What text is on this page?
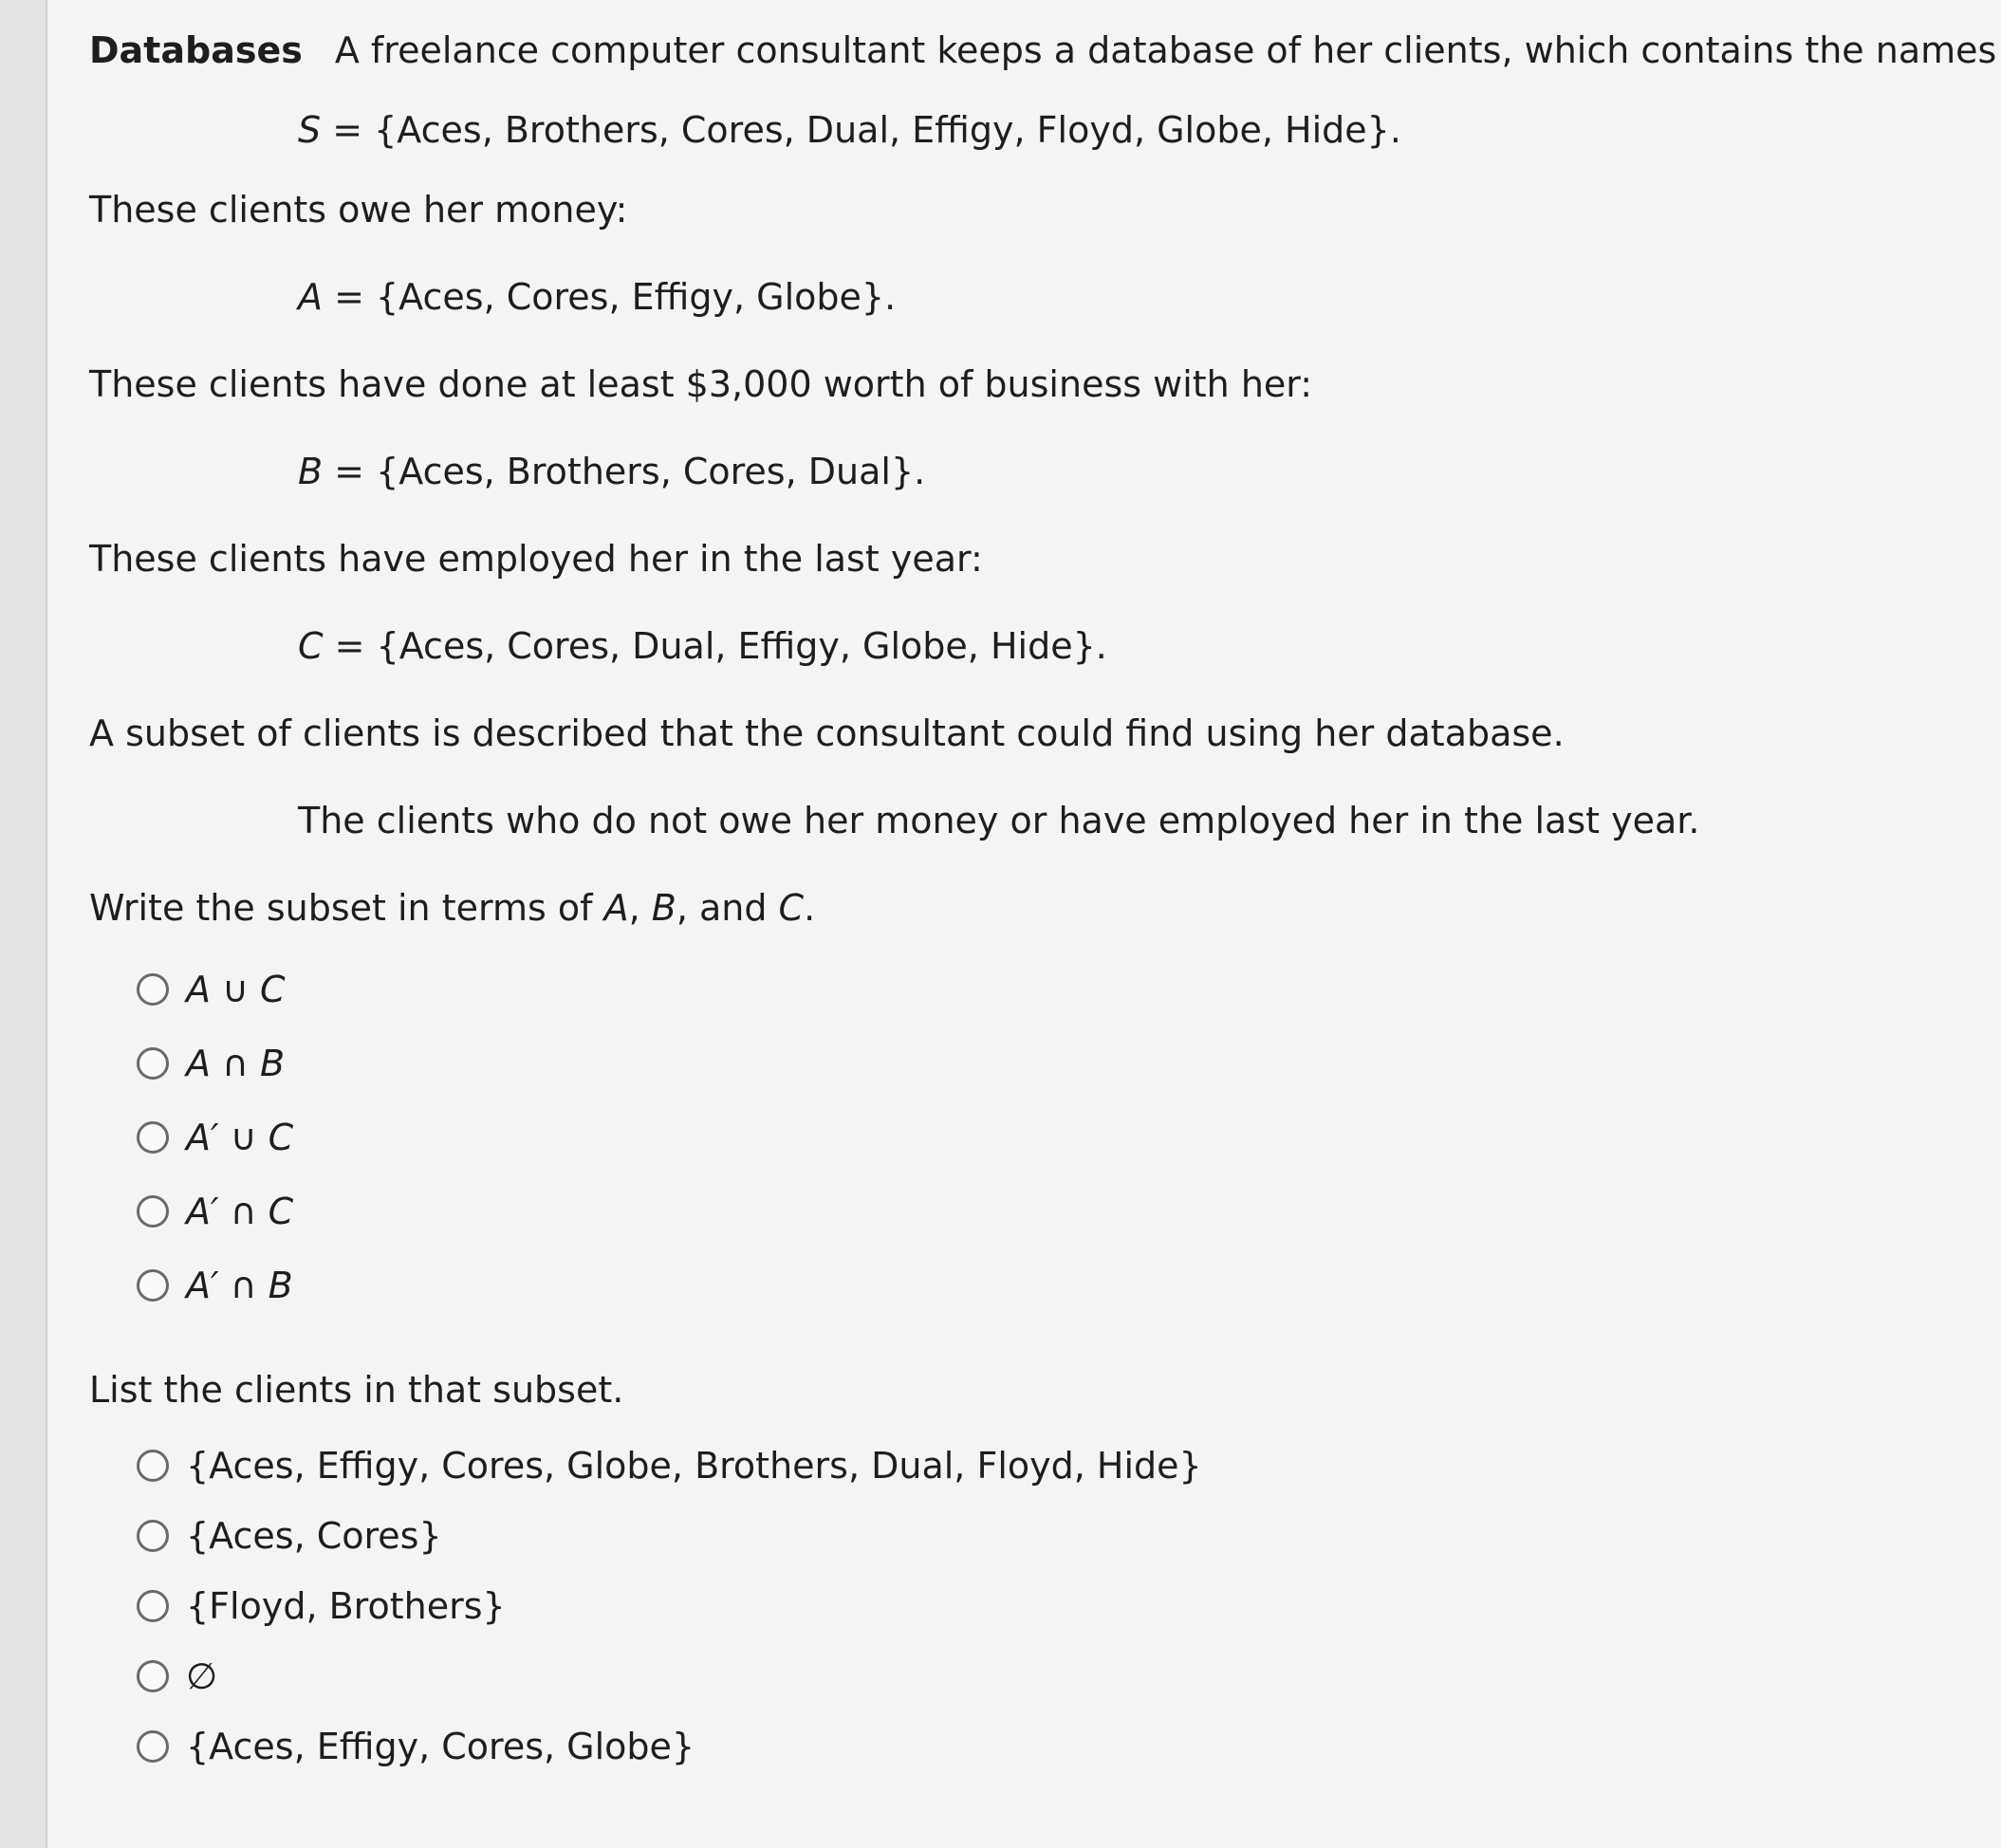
Databases A freelance computer consultant keeps a database of her clients, which contains the names
S = {Aces, Brothers, Cores, Dual, Effigy, Floyd, Globe, Hide}.
These clients owe her money:
A = {Aces, Cores, Effigy, Globe}.
These clients have done at least $3,000 worth of business with her:
B = {Aces, Brothers, Cores, Dual}.
These clients have employed her in the last year:
C = {Aces, Cores, Dual, Effigy, Globe, Hide}.
A subset of clients is described that the consultant could find using her database.
The clients who do not owe her money or have employed her in the last year.
Write the subset in terms of A, B, and C.
A ∪ C
A ∩ B
A′ ∪ C
A′ ∩ C
A′ ∩ B
List the clients in that subset.
{Aces, Effigy, Cores, Globe, Brothers, Dual, Floyd, Hide}
{Aces, Cores}
{Floyd, Brothers}
∅
{Aces, Effigy, Cores, Globe}
